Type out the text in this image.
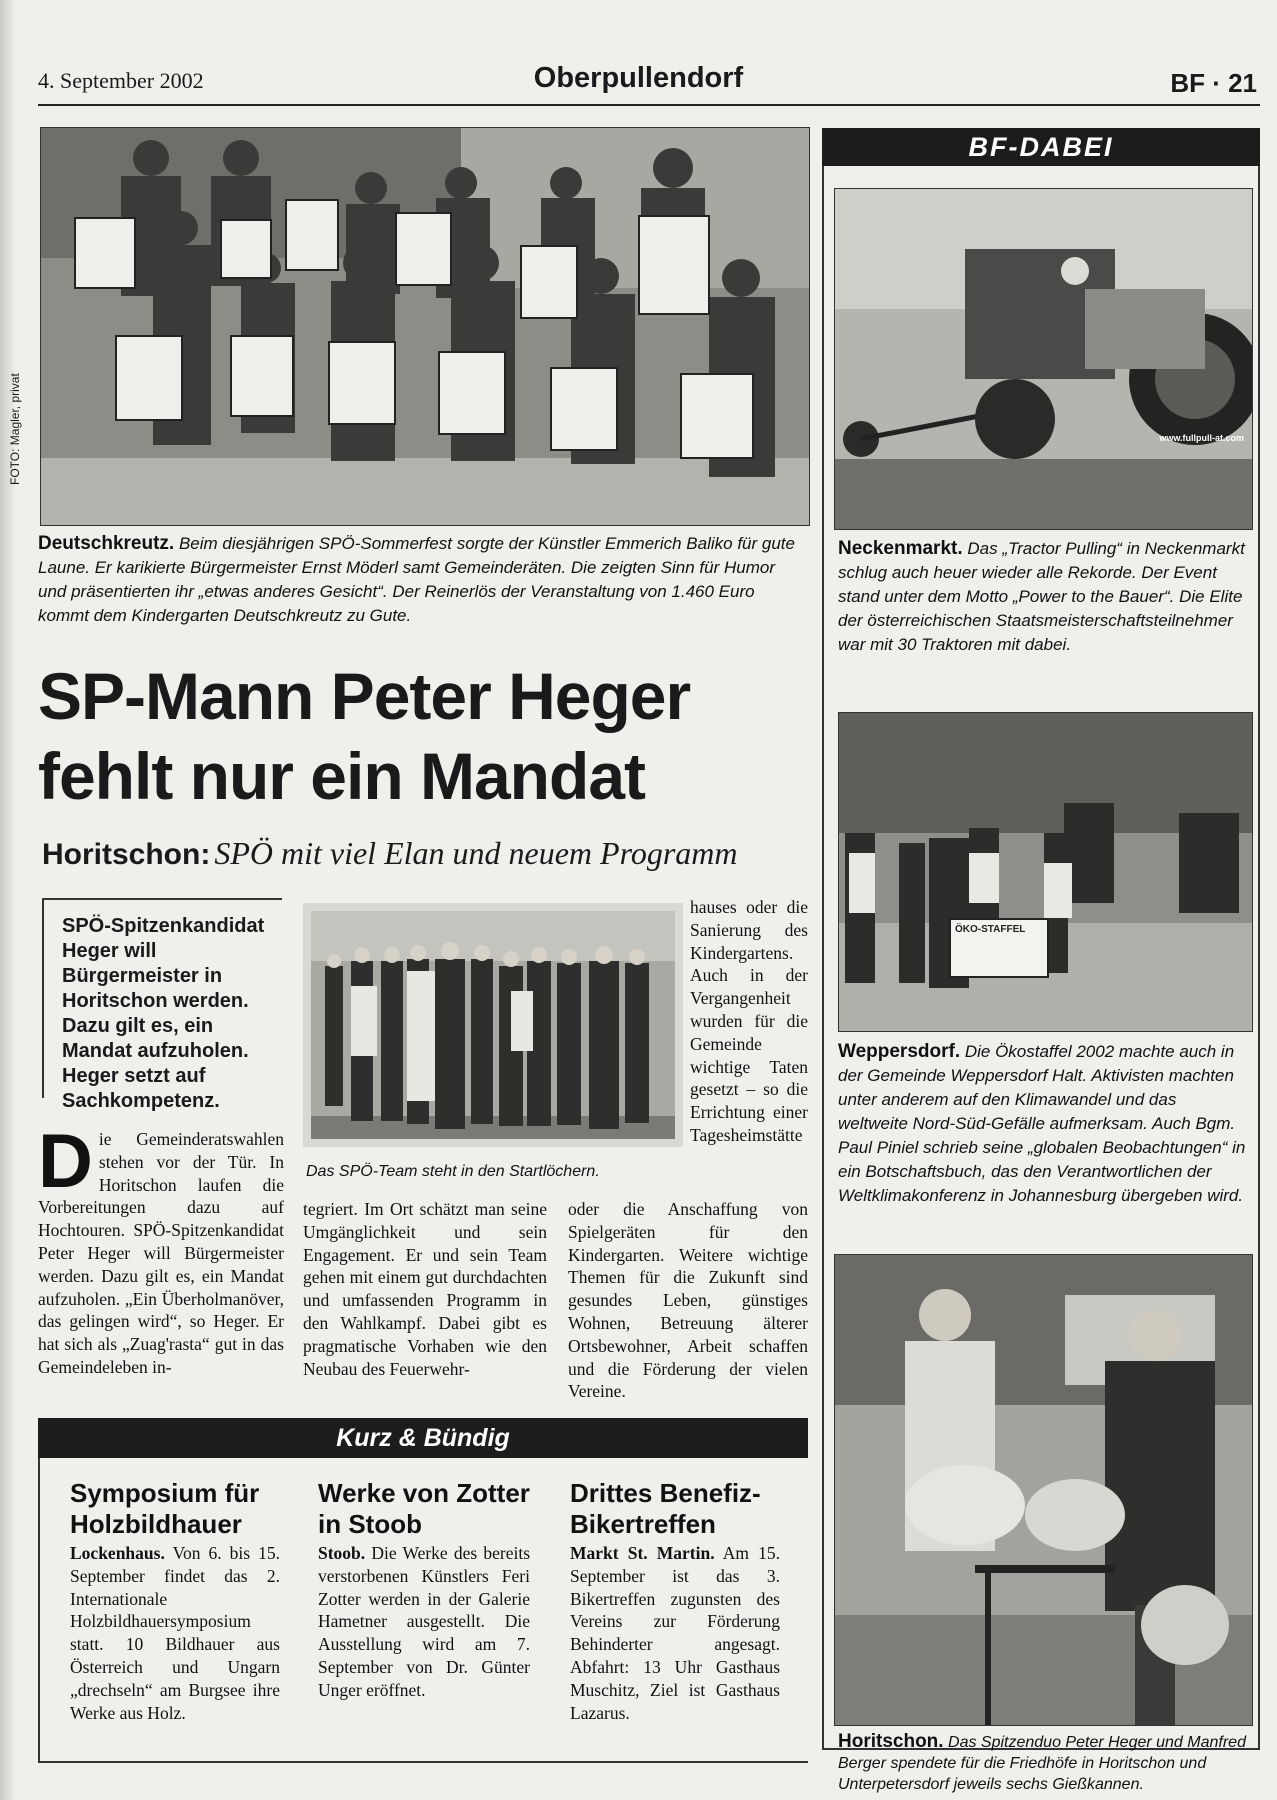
4. September 2002	Oberpullendorf	BF · 21
FOTO: Magler, privat
Deutschkreutz. Beim diesjährigen SPÖ-Sommerfest sorgte der Künstler Emmerich Baliko für gute Laune. Er karikierte Bürgermeister Ernst Möderl samt Gemeinderäten. Die zeigten Sinn für Humor und präsentierten ihr „etwas anderes Gesicht“. Der Reinerlös der Veranstaltung von 1.460 Euro kommt dem Kindergarten Deutschkreutz zu Gute.
SP-Mann Peter Heger
fehlt nur ein Mandat
Horitschon: SPÖ mit viel Elan und neuem Programm
SPÖ-Spitzenkandidat Heger will Bürgermeister in Horitschon werden. Dazu gilt es, ein Mandat aufzuholen. Heger setzt auf Sachkompetenz.
Das SPÖ-Team steht in den Startlöchern.
D ie Gemeinderatswahlen stehen vor der Tür. In Horitschon laufen die Vorbereitungen dazu auf Hochtouren. SPÖ-Spitzenkandidat Peter Heger will Bürgermeister werden. Dazu gilt es, ein Mandat aufzuholen. „Ein Überholmanöver, das gelingen wird“, so Heger. Er hat sich als „Zuag'rasta“ gut in das Gemeindeleben in-
tegriert. Im Ort schätzt man seine Umgänglichkeit und sein Engagement. Er und sein Team gehen mit einem gut durchdachten und umfassenden Programm in den Wahlkampf. Dabei gibt es pragmatische Vorhaben wie den Neubau des Feuerwehr-
hauses oder die Sanierung des Kindergartens. Auch in der Vergangenheit wurden für die Gemeinde wichtige Taten gesetzt – so die Errichtung einer Tagesheimstätte
oder die Anschaffung von Spielgeräten für den Kindergarten. Weitere wichtige Themen für die Zukunft sind gesundes Leben, günstiges Wohnen, Betreuung älterer Ortsbewohner, Arbeit schaffen und die Förderung der vielen Vereine.
Kurz & Bündig
Symposium für Holzbildhauer
Lockenhaus. Von 6. bis 15. September findet das 2. Internationale Holzbildhauersymposium statt. 10 Bildhauer aus Österreich und Ungarn „drechseln“ am Burgsee ihre Werke aus Holz.
Werke von Zotter in Stoob
Stoob. Die Werke des bereits verstorbenen Künstlers Feri Zotter werden in der Galerie Hametner ausgestellt. Die Ausstellung wird am 7. September von Dr. Günter Unger eröffnet.
Drittes Benefiz-Bikertreffen
Markt St. Martin. Am 15. September ist das 3. Bikertreffen zugunsten des Vereins zur Förderung Behinderter angesagt. Abfahrt: 13 Uhr Gasthaus Muschitz, Ziel ist Gasthaus Lazarus.
BF-DABEI
www.fullpull-at.com
Neckenmarkt. Das „Tractor Pulling“ in Neckenmarkt schlug auch heuer wieder alle Rekorde. Der Event stand unter dem Motto „Power to the Bauer“. Die Elite der österreichischen Staatsmeisterschaftsteilnehmer war mit 30 Traktoren mit dabei.
ÖKO-STAFFEL
Weppersdorf. Die Ökostaffel 2002 machte auch in der Gemeinde Weppersdorf Halt. Aktivisten machten unter anderem auf den Klimawandel und das weltweite Nord-Süd-Gefälle aufmerksam. Auch Bgm. Paul Piniel schrieb seine „globalen Beobachtungen“ in ein Botschaftsbuch, das den Verantwortlichen der Weltklimakonferenz in Johannesburg übergeben wird.
Horitschon. Das Spitzenduo Peter Heger und Manfred Berger spendete für die Friedhöfe in Horitschon und Unterpetersdorf jeweils sechs Gießkannen.
